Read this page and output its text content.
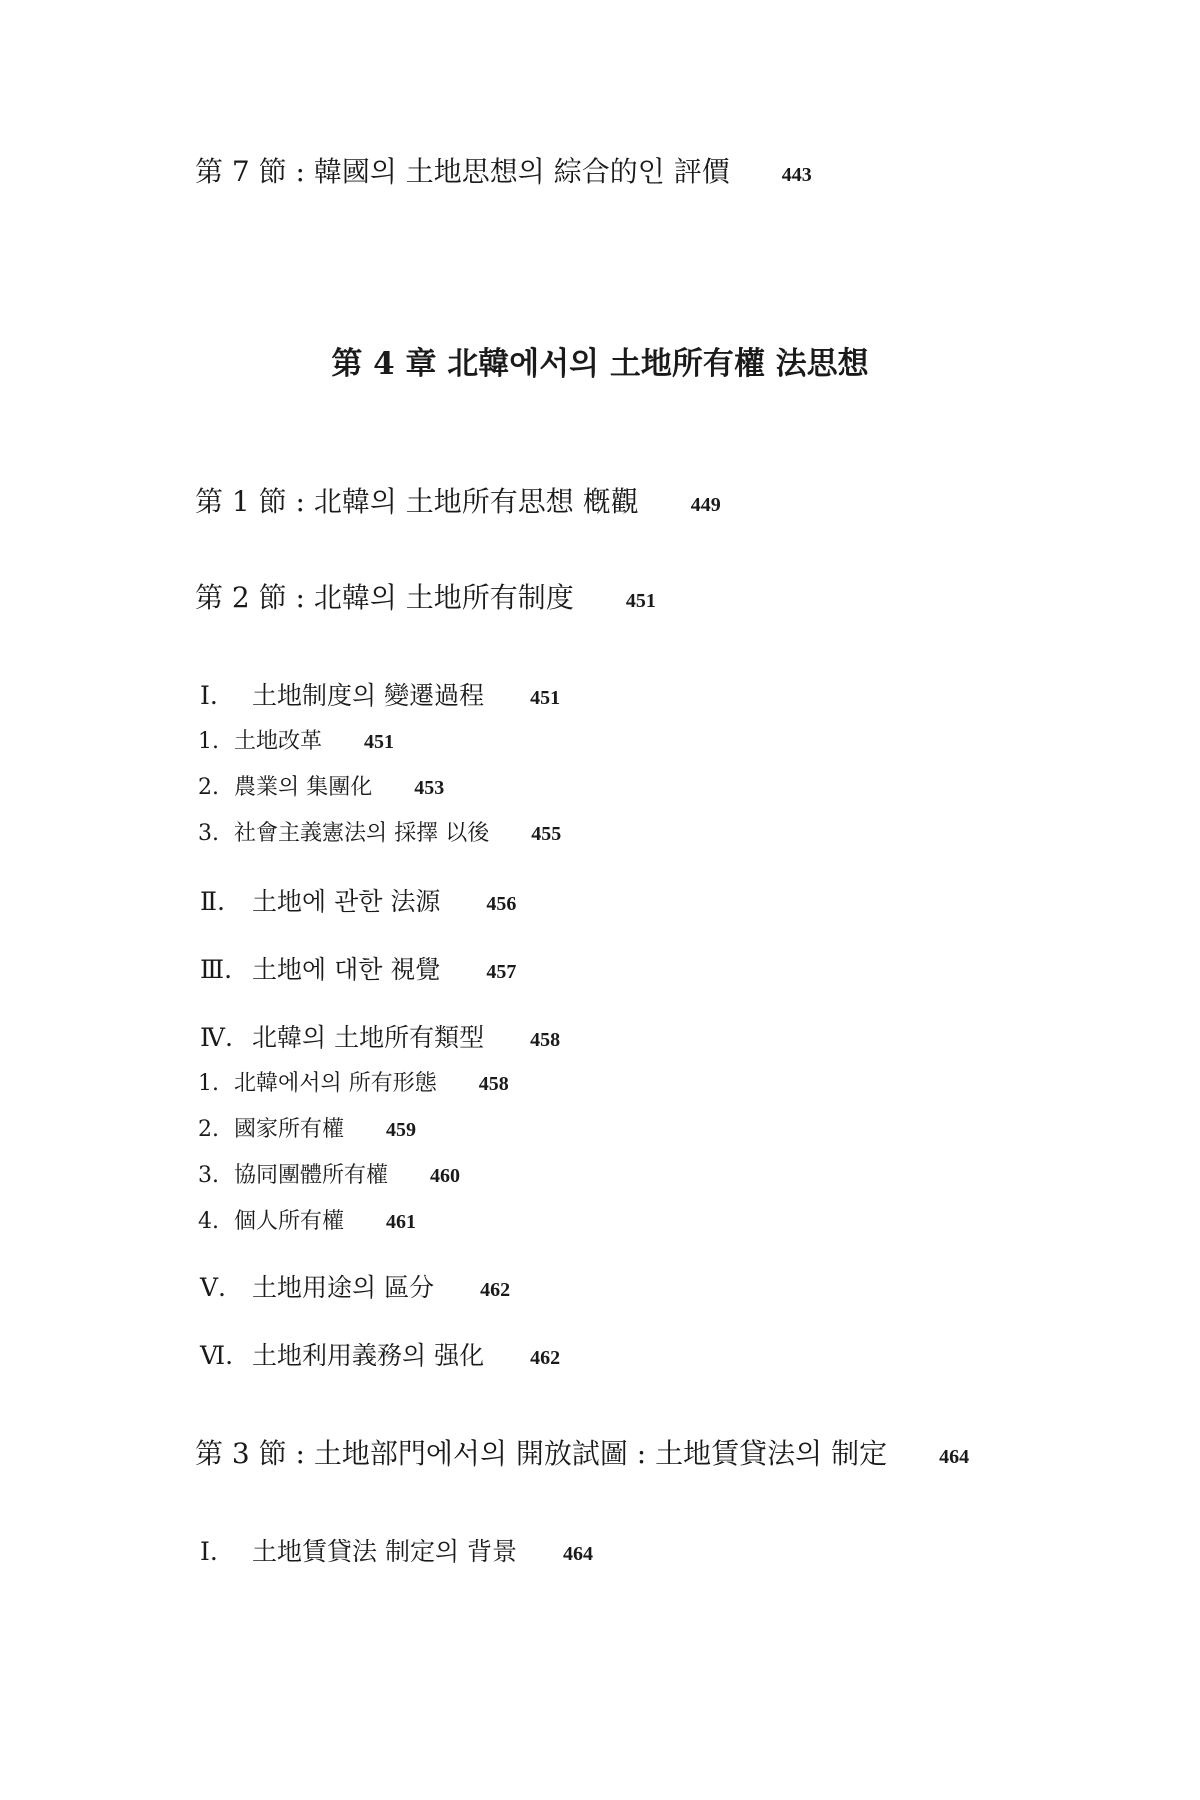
第 7 節 : 韓國의 土地思想의 綜合的인 評價	443
第 4 章 北韓에서의 土地所有權 法思想
第 1 節 : 北韓의 土地所有思想 槪觀	449
第 2 節 : 北韓의 土地所有制度	451
Ⅰ.	土地制度의 變遷過程 451
1. 土地改革 451
2. 農業의 集團化 453
3. 社會主義憲法의 採擇 以後 455
Ⅱ.	土地에 관한 法源 456
Ⅲ. 土地에 대한 視覺 457
Ⅳ. 北韓의 土地所有類型 458
1. 北韓에서의 所有形態 458
2. 國家所有權 459
3. 協同團體所有權 460
4. 個人所有權 461
Ⅴ.	土地用途의 區分 462
Ⅵ. 土地利用義務의 强化 462
第 3 節 : 土地部門에서의 開放試圖 : 土地賃貸法의 制定	464
Ⅰ.	土地賃貸法 制定의 背景 464
